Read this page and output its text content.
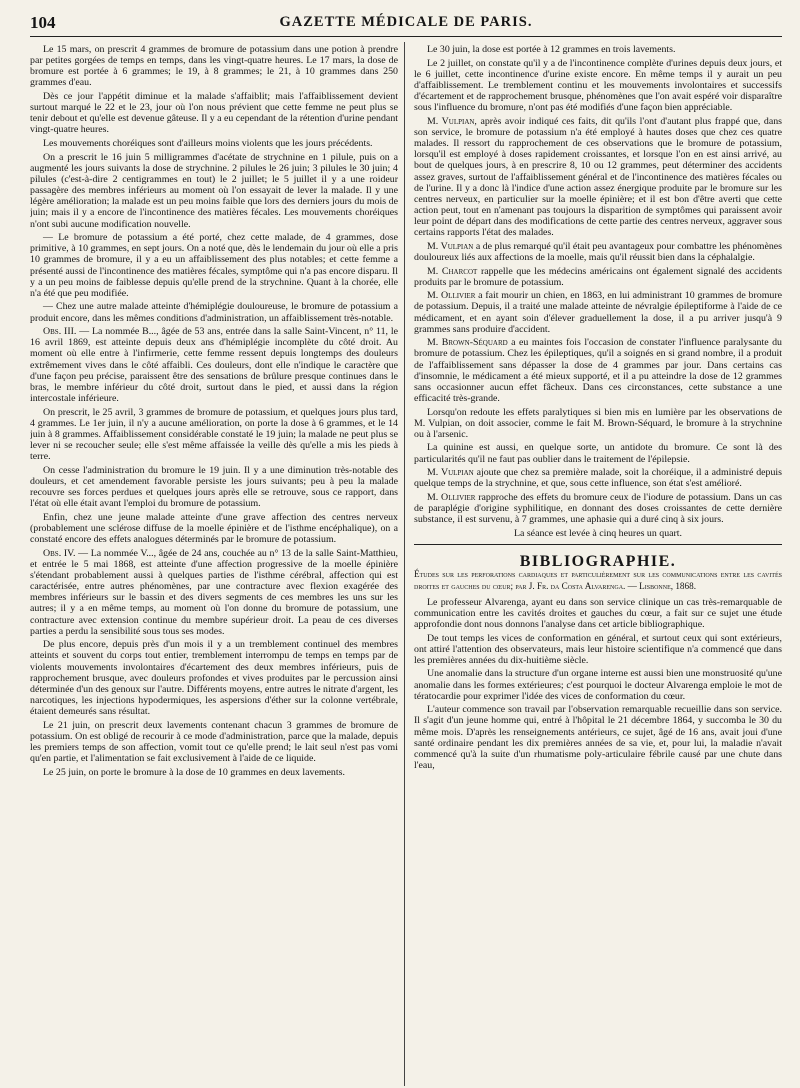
104	GAZETTE MÉDICALE DE PARIS.

Le 15 mars, on prescrit 4 grammes de bromure de potassium dans une potion à prendre par petites gorgées de temps en temps, dans les vingt-quatre heures. Le 17 mars, la dose de bromure est portée à 6 grammes; le 19, à 8 grammes; le 21, à 10 grammes dans 250 grammes d'eau.

Dès ce jour l'appétit diminue et la malade s'affaiblit; mais l'affaiblissement devient surtout marqué le 22 et le 23, jour où l'on nous prévient que cette femme ne peut plus se tenir debout et qu'elle est devenue gâteuse. Il y a eu cependant de la rétention d'urine pendant vingt-quatre heures.

Les mouvements choréiques sont d'ailleurs moins violents que les jours précédents.

On a prescrit le 16 juin 5 milligrammes d'acétate de strychnine en 1 pilule, puis on a augmenté les jours suivants la dose de strychnine. 2 pilules le 26 juin; 3 pilules le 30 juin; 4 pilules (c'est-à-dire 2 centigrammes en tout) le 2 juillet; le 5 juillet il y a une roideur passagère des membres inférieurs au moment où l'on essayait de lever la malade. Il y une légère amélioration; la malade est un peu moins faible que lors des derniers jours du mois de juin; mais il y a encore de l'incontinence des matières fécales. Les mouvements choréiques n'ont subi aucune modification nouvelle.

— Le bromure de potassium a été porté, chez cette malade, de 4 grammes, dose primitive, à 10 grammes, en sept jours. On a noté que, dès le lendemain du jour où elle a pris 10 grammes de bromure, il y a eu un affaiblissement des plus notables; et cette femme a présenté aussi de l'incontinence des matières fécales, symptôme qui n'a pas encore disparu. Il y a un peu moins de faiblesse depuis qu'elle prend de la strychnine. Quant à la chorée, elle n'a été que peu modifiée.

— Chez une autre malade atteinte d'hémiplégie douloureuse, le bromure de potassium a produit encore, dans les mêmes conditions d'administration, un affaiblissement très-notable.

Obs. III. — La nommée B..., âgée de 53 ans, entrée dans la salle Saint-Vincent, n° 11, le 16 avril 1869, est atteinte depuis deux ans d'hémiplégie incomplète du côté droit. Au moment où elle entre à l'infirmerie, cette femme ressent depuis longtemps des douleurs extrêmement vives dans le côté affaibli. Ces douleurs, dont elle n'indique le caractère que d'une façon peu précise, paraissent être des sensations de brûlure presque continues dans le bras, le membre inférieur du côté droit, surtout dans le pied, et aussi dans la région intercostale inférieure.

On prescrit, le 25 avril, 3 grammes de bromure de potassium, et quelques jours plus tard, 4 grammes. Le 1er juin, il n'y a aucune amélioration, on porte la dose à 6 grammes, et le 14 juin à 8 grammes. Affaiblissement considérable constaté le 19 juin; la malade ne peut plus se lever ni se recoucher seule; elle s'est même affaissée la veille dès qu'elle a mis les pieds à terre.

On cesse l'administration du bromure le 19 juin. Il y a une diminution très-notable des douleurs, et cet amendement favorable persiste les jours suivants; peu à peu la malade recouvre ses forces perdues et quelques jours après elle se retrouve, sous ce rapport, dans l'état où elle était avant l'emploi du bromure de potassium.

Enfin, chez une jeune malade atteinte d'une grave affection des centres nerveux (probablement une sclérose diffuse de la moelle épinière et de l'isthme encéphalique), on a constaté encore des effets analogues déterminés par le bromure de potassium.

Obs. IV. — La nommée V..., âgée de 24 ans, couchée au n° 13 de la salle Saint-Matthieu, et entrée le 5 mai 1868, est atteinte d'une affection progressive de la moelle épinière s'étendant probablement aussi à quelques parties de l'isthme cérébral, affection qui est caractérisée, entre autres phénomènes, par une contracture avec flexion exagérée des membres inférieurs sur le bassin et des divers segments de ces membres les uns sur les autres; il y a en même temps, au moment où l'on donne du bromure de potassium, une contracture avec extension continue du membre supérieur droit. La peau de ces diverses parties a perdu la sensibilité sous tous ses modes.

De plus encore, depuis près d'un mois il y a un tremblement continuel des membres atteints et souvent du corps tout entier, tremblement interrompu de temps en temps par de violents mouvements involontaires d'écartement des deux membres inférieurs, puis de rapprochement brusque, avec douleurs profondes et vives produites par le percussion ainsi déterminée d'un des genoux sur l'autre. Différents moyens, entre autres le nitrate d'argent, les narcotiques, les injections hypodermiques, les aspersions d'éther sur la colonne vertébrale, étaient demeurés sans résultat.

Le 21 juin, on prescrit deux lavements contenant chacun 3 grammes de bromure de potassium. On est obligé de recourir à ce mode d'administration, parce que la malade, depuis les premiers temps de son affection, vomit tout ce qu'elle prend; le lait seul n'est pas vomi qu'en partie, et l'alimentation se fait exclusivement à l'aide de ce liquide.

Le 25 juin, on porte le bromure à la dose de 10 grammes en deux lavements.

Le 30 juin, la dose est portée à 12 grammes en trois lavements.

Le 2 juillet, on constate qu'il y a de l'incontinence complète d'urines depuis deux jours, et le 6 juillet, cette incontinence d'urine existe encore. En même temps il y aurait un peu d'affaiblissement. Le tremblement continu et les mouvements involontaires et successifs d'écartement et de rapprochement brusque, phénomènes que l'on avait espéré voir disparaître sous l'influence du bromure, n'ont pas été modifiés d'une façon bien appréciable.

M. Vulpian, après avoir indiqué ces faits, dit qu'ils l'ont d'autant plus frappé que, dans son service, le bromure de potassium n'a été employé à hautes doses que chez ces quatre malades. Il ressort du rapprochement de ces observations que le bromure de potassium, lorsqu'il est employé à doses rapidement croissantes, et lorsque l'on en est ainsi arrivé, au bout de quelques jours, à en prescrire 8, 10 ou 12 grammes, peut déterminer des accidents assez graves, surtout de l'affaiblissement général et de l'incontinence des matières fécales ou de l'urine. Il y a donc là l'indice d'une action assez énergique produite par le bromure sur les centres nerveux, en particulier sur la moelle épinière; et il est bon d'être averti que cette action peut, tout en n'amenant pas toujours la disparition de symptômes qui paraissent avoir leur point de départ dans des modifications de cette partie des centres nerveux, aggraver sous certains rapports l'état des malades.

M. Vulpian a de plus remarqué qu'il était peu avantageux pour combattre les phénomènes douloureux liés aux affections de la moelle, mais qu'il réussit bien dans la céphalalgie.

M. Charcot rappelle que les médecins américains ont également signalé des accidents produits par le bromure de potassium.

M. Ollivier a fait mourir un chien, en 1863, en lui administrant 10 grammes de bromure de potassium. Depuis, il a traité une malade atteinte de névralgie épileptiforme à l'aide de ce médicament, et en ayant soin d'élever graduellement la dose, il a pu arriver jusqu'à 9 grammes sans produire d'accident.

M. Brown-Séquard a eu maintes fois l'occasion de constater l'influence paralysante du bromure de potassium. Chez les épileptiques, qu'il a soignés en si grand nombre, il a produit de l'affaiblissement sans dépasser la dose de 4 grammes par jour. Dans certains cas d'insomnie, le médicament a été mieux supporté, et il a pu atteindre la dose de 12 grammes sans occasionner aucun effet fâcheux. Dans ces circonstances, cette substance a une efficacité très-grande.

Lorsqu'on redoute les effets paralytiques si bien mis en lumière par les observations de M. Vulpian, on doit associer, comme le fait M. Brown-Séquard, le bromure à la strychnine ou à l'arsenic.

La quinine est aussi, en quelque sorte, un antidote du bromure. Ce sont là des particularités qu'il ne faut pas oublier dans le traitement de l'épilepsie.

M. Vulpian ajoute que chez sa première malade, soit la choréique, il a administré depuis quelque temps de la strychnine, et que, sous cette influence, son état s'est amélioré.

M. Ollivier rapproche des effets du bromure ceux de l'iodure de potassium. Dans un cas de paraplégie d'origine syphilitique, en donnant des doses croissantes de cette dernière substance, il est survenu, à 7 grammes, une aphasie qui a duré cinq à six jours.

La séance est levée à cinq heures un quart.

BIBLIOGRAPHIE.

Études sur les perforations cardiaques et particulièrement sur les communications entre les cavités droites et gauches du cœur; par J. Fr. da Costa Alvarenga. — Lisbonne, 1868.

Le professeur Alvarenga, ayant eu dans son service clinique un cas très-remarquable de communication entre les cavités droites et gauches du cœur, a fait sur ce sujet une étude approfondie dont nous donnons l'analyse dans cet article bibliographique.

De tout temps les vices de conformation en général, et surtout ceux qui sont extérieurs, ont attiré l'attention des observateurs, mais leur histoire scientifique n'a commencé que dans les premières années du dix-huitième siècle.

Une anomalie dans la structure d'un organe interne est aussi bien une monstruosité qu'une anomalie dans les formes extérieures; c'est pourquoi le docteur Alvarenga emploie le mot de tératocardie pour exprimer l'idée des vices de conformation du cœur.

L'auteur commence son travail par l'observation remarquable recueillie dans son service. Il s'agit d'un jeune homme qui, entré à l'hôpital le 21 décembre 1864, y succomba le 30 du même mois. D'après les renseignements antérieurs, ce sujet, âgé de 16 ans, avait joui d'une santé ordinaire pendant les dix premières années de sa vie, et, pour lui, la maladie n'avait commencé qu'à la suite d'un rhumatisme poly-articulaire fébrile causé par une chute dans l'eau,
